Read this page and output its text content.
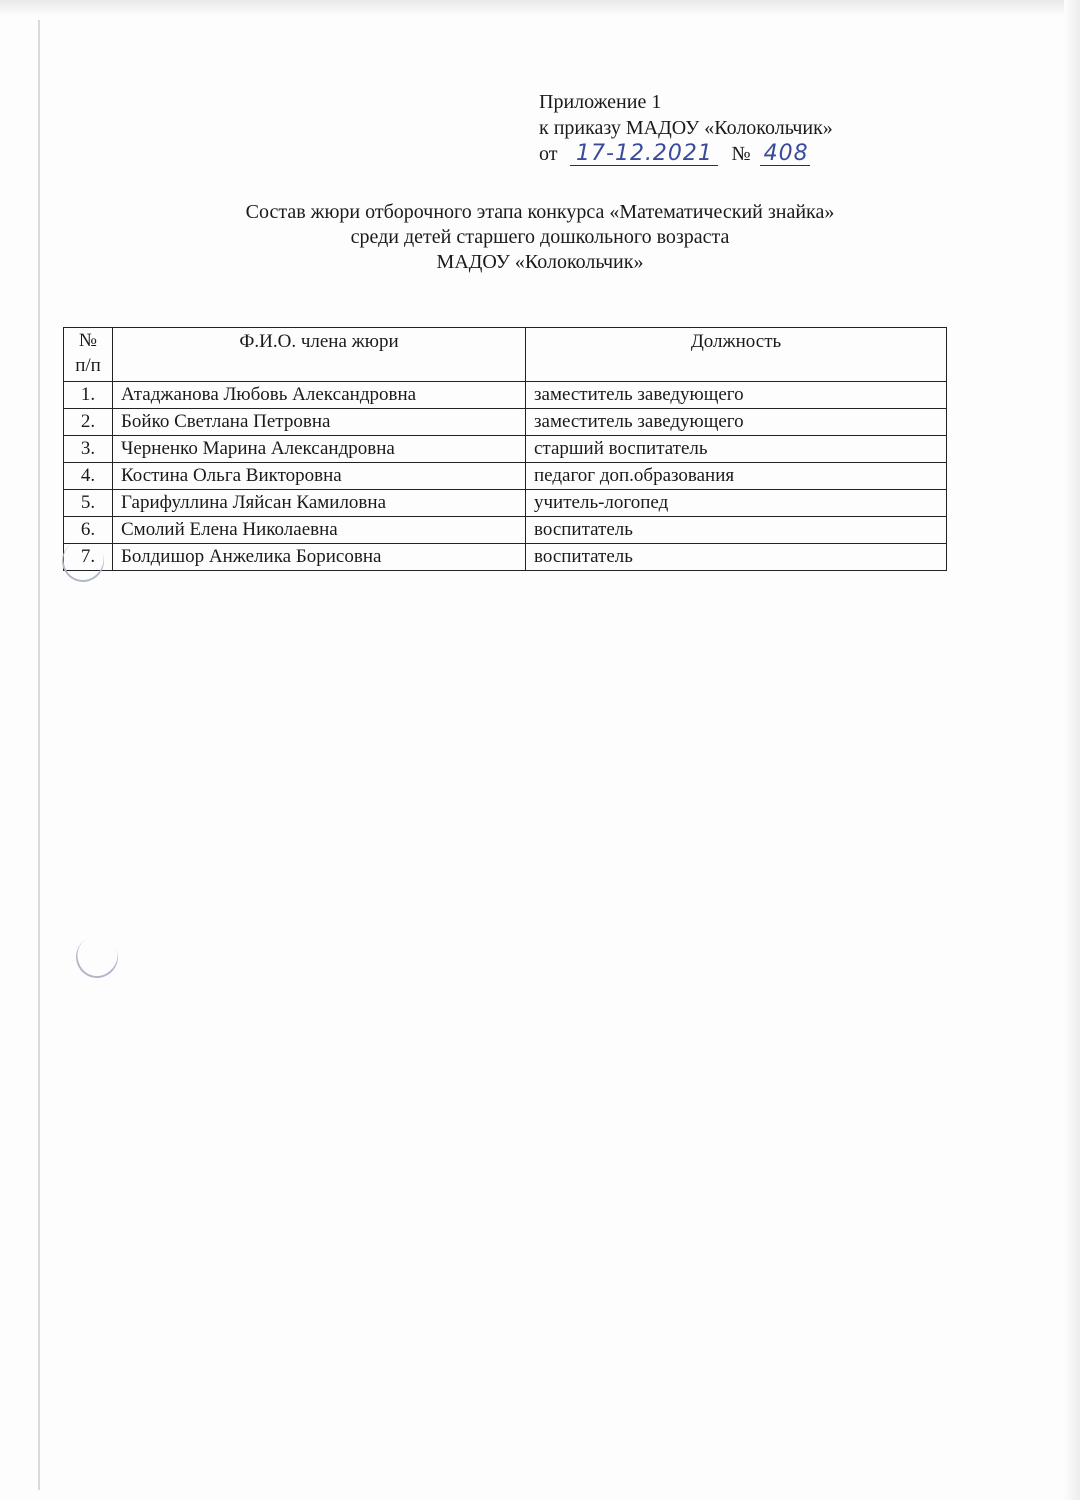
Приложение 1
к приказу МАДОУ «Колокольчик»
от 17-12.2021 № 408
Состав жюри отборочного этапа конкурса «Математический знайка»
среди детей старшего дошкольного возраста
МАДОУ «Колокольчик»
№
п/п	Ф.И.О. члена жюри	Должность
1.	Атаджанова Любовь Александровна	заместитель заведующего
2.	Бойко Светлана Петровна	заместитель заведующего
3.	Черненко Марина Александровна	старший воспитатель
4.	Костина Ольга Викторовна	педагог доп.образования
5.	Гарифуллина Ляйсан Камиловна	учитель-логопед
6.	Смолий Елена Николаевна	воспитатель
7.	Болдишор Анжелика Борисовна	воспитатель
